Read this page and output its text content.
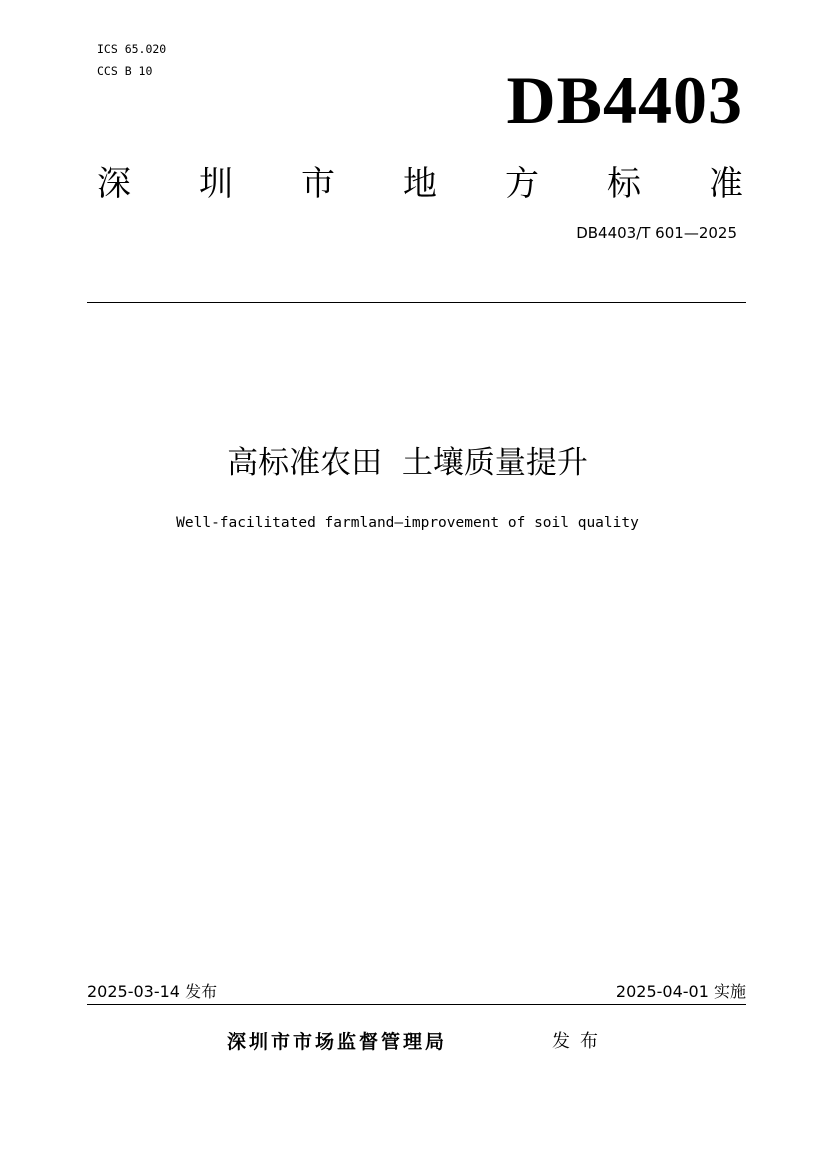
ICS 65.020
CCS B 10	DB4403
深 圳 市 地 方 标 准
DB4403/T 601—2025
高标准农田  土壤质量提升
Well-facilitated farmland—improvement of soil quality
2025-03-14 发布	2025-04-01 实施
深圳市市场监督管理局	发布
